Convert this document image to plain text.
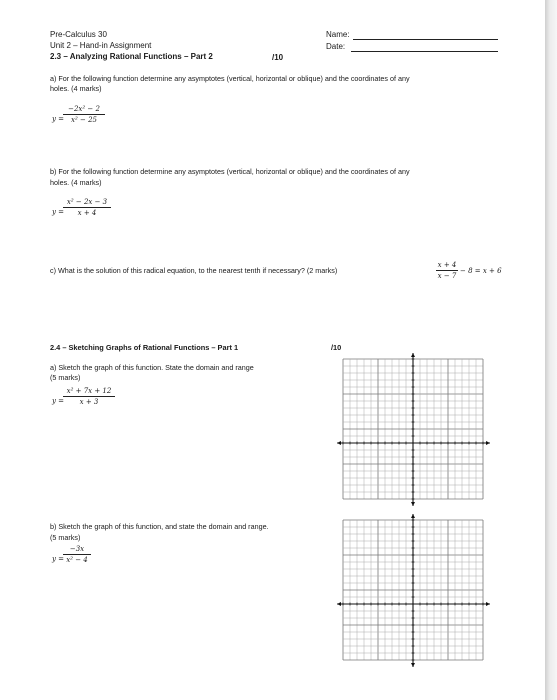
Pre-Calculus 30
Unit 2 – Hand-in Assignment
2.3 – Analyzing Rational Functions – Part 2	/10
Name:
Date:
a) For the following function determine any asymptotes (vertical, horizontal or oblique) and the coordinates of any
holes. (4 marks)
y =
−2x² − 2
x² − 25
b) For the following function determine any asymptotes (vertical, horizontal or oblique) and the coordinates of any
holes. (4 marks)
y =
x² − 2x − 3
x + 4
c) What is the solution of this radical equation, to the nearest tenth if necessary? (2 marks)
x + 4
x − 7
− 8 = x + 6
2.4 – Sketching Graphs of Rational Functions – Part 1	/10
a) Sketch the graph of this function. State the domain and range
(5 marks)
y =
x² + 7x + 12
x + 3
b) Sketch the graph of this function, and state the domain and range.
(5 marks)
y =
−3x
x² − 4
